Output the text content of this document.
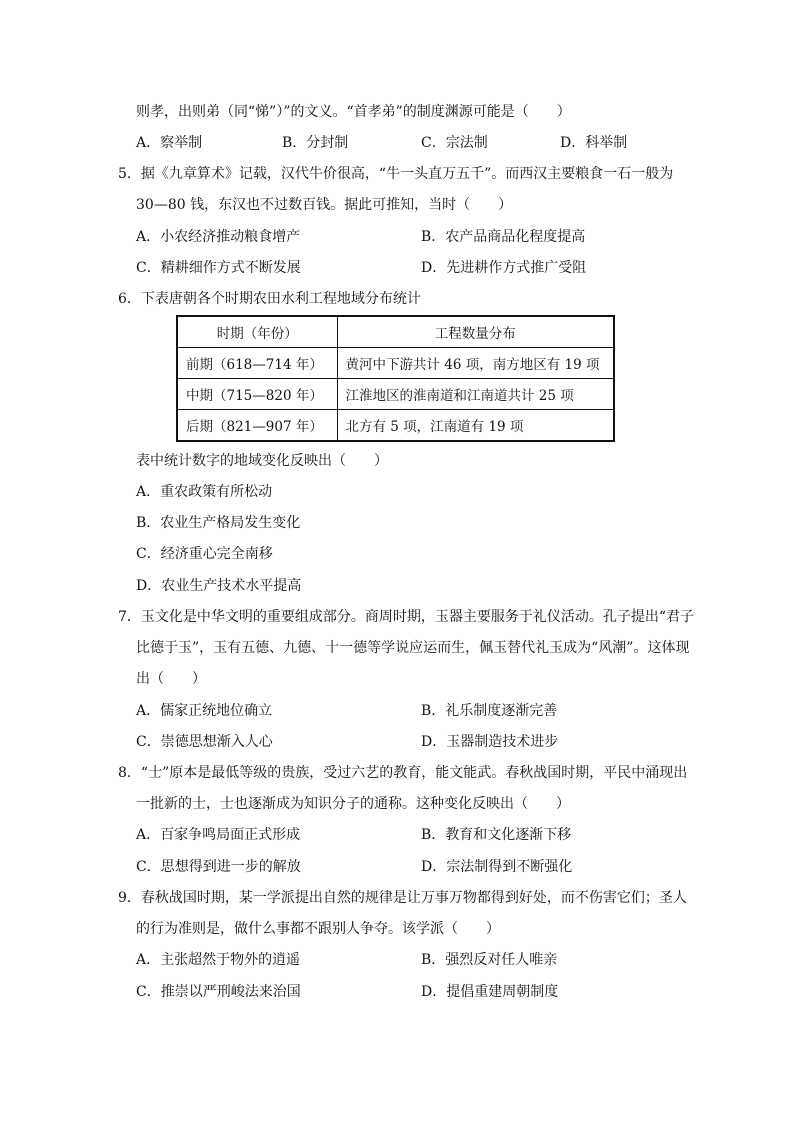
则孝，出则弟（同“悌”）”的文义。“首孝弟”的制度渊源可能是（　　）
A．察举制	B．分封制	C．宗法制	D．科举制
5．据《九章算术》记载，汉代牛价很高，“牛一头直万五千”。而西汉主要粮食一石一般为
30—80 钱，东汉也不过数百钱。据此可推知，当时（　　）
A．小农经济推动粮食增产	B．农产品商品化程度提高
C．精耕细作方式不断发展	D．先进耕作方式推广受阻
6．下表唐朝各个时期农田水利工程地域分布统计
时期（年份）	工程数量分布
前期（618—714 年）	黄河中下游共计 46 项，南方地区有 19 项
中期（715—820 年）	江淮地区的淮南道和江南道共计 25 项
后期（821—907 年）	北方有 5 项，江南道有 19 项
表中统计数字的地域变化反映出（　　）
A．重农政策有所松动
B．农业生产格局发生变化
C．经济重心完全南移
D．农业生产技术水平提高
7．玉文化是中华文明的重要组成部分。商周时期，玉器主要服务于礼仪活动。孔子提出“君子
比德于玉”，玉有五德、九德、十一德等学说应运而生，佩玉替代礼玉成为“风潮”。这体现
出（　　）
A．儒家正统地位确立	B．礼乐制度逐渐完善
C．崇德思想渐入人心	D．玉器制造技术进步
8．“士”原本是最低等级的贵族，受过六艺的教育，能文能武。春秋战国时期，平民中涌现出
一批新的士，士也逐渐成为知识分子的通称。这种变化反映出（　　）
A．百家争鸣局面正式形成	B．教育和文化逐渐下移
C．思想得到进一步的解放	D．宗法制得到不断强化
9．春秋战国时期，某一学派提出自然的规律是让万事万物都得到好处，而不伤害它们；圣人
的行为准则是，做什么事都不跟别人争夺。该学派（　　）
A．主张超然于物外的逍遥	B．强烈反对任人唯亲
C．推崇以严刑峻法来治国	D．提倡重建周朝制度
